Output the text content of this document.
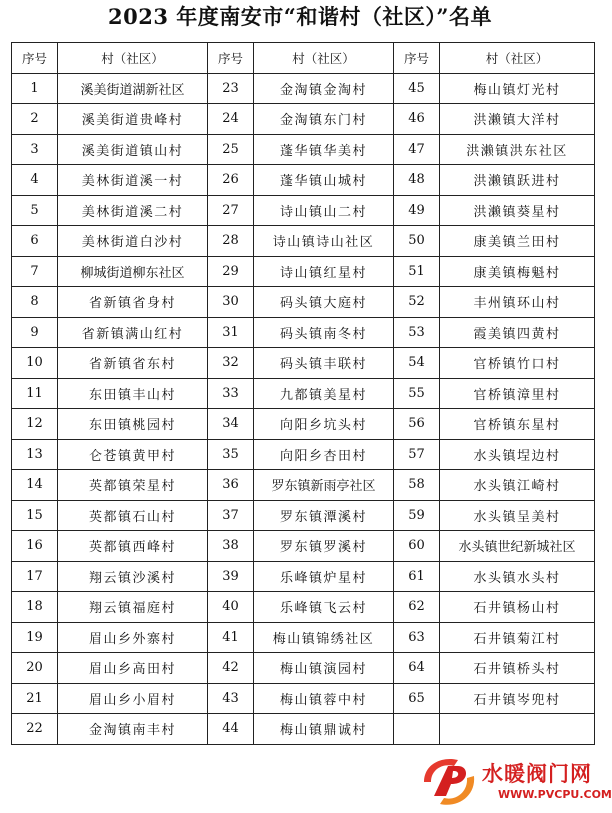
2023 年度南安市“和谐村（社区）”名单
序号	村（社区）	序号	村（社区）	序号	村（社区）
1	溪美街道湖新社区	23	金淘镇金淘村	45	梅山镇灯光村
2	溪美街道贵峰村	24	金淘镇东门村	46	洪濑镇大洋村
3	溪美街道镇山村	25	蓬华镇华美村	47	洪濑镇洪东社区
4	美林街道溪一村	26	蓬华镇山城村	48	洪濑镇跃进村
5	美林街道溪二村	27	诗山镇山二村	49	洪濑镇葵星村
6	美林街道白沙村	28	诗山镇诗山社区	50	康美镇兰田村
7	柳城街道柳东社区	29	诗山镇红星村	51	康美镇梅魁村
8	省新镇省身村	30	码头镇大庭村	52	丰州镇环山村
9	省新镇满山红村	31	码头镇南冬村	53	霞美镇四黄村
10	省新镇省东村	32	码头镇丰联村	54	官桥镇竹口村
11	东田镇丰山村	33	九都镇美星村	55	官桥镇漳里村
12	东田镇桃园村	34	向阳乡坑头村	56	官桥镇东星村
13	仑苍镇黄甲村	35	向阳乡杏田村	57	水头镇埕边村
14	英都镇荣星村	36	罗东镇新雨亭社区	58	水头镇江崎村
15	英都镇石山村	37	罗东镇潭溪村	59	水头镇呈美村
16	英都镇西峰村	38	罗东镇罗溪村	60	水头镇世纪新城社区
17	翔云镇沙溪村	39	乐峰镇炉星村	61	水头镇水头村
18	翔云镇福庭村	40	乐峰镇飞云村	62	石井镇杨山村
19	眉山乡外寨村	41	梅山镇锦绣社区	63	石井镇菊江村
20	眉山乡高田村	42	梅山镇演园村	64	石井镇桥头村
21	眉山乡小眉村	43	梅山镇蓉中村	65	石井镇岑兜村
22	金淘镇南丰村	44	梅山镇鼎诚村		
水暖阀门网
WWW.PVCPU.COM
